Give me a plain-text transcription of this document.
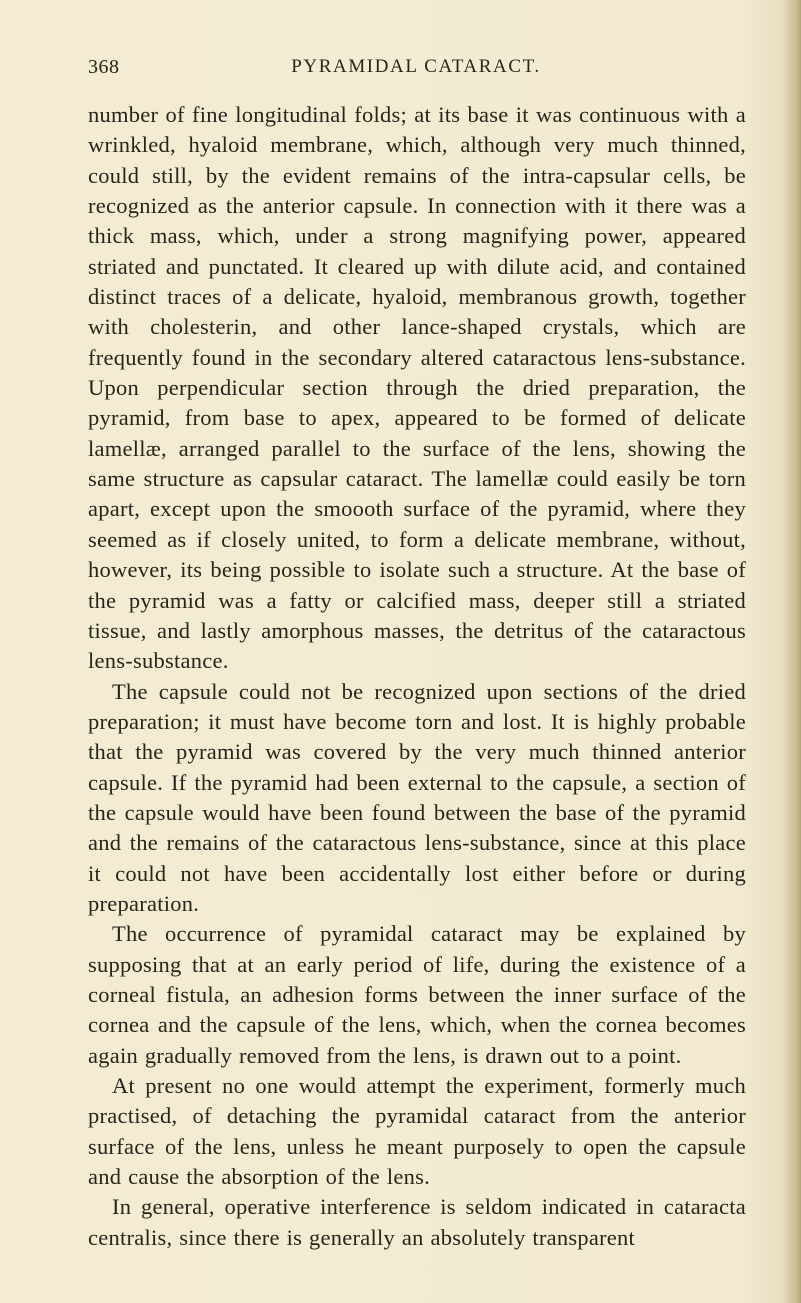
368	PYRAMIDAL CATARACT.

number of fine longitudinal folds; at its base it was continuous with a wrinkled, hyaloid membrane, which, although very much thinned, could still, by the evident remains of the intra-capsular cells, be recognized as the anterior capsule. In connection with it there was a thick mass, which, under a strong magnifying power, appeared striated and punctated. It cleared up with dilute acid, and contained distinct traces of a delicate, hyaloid, membranous growth, together with cholesterin, and other lance-shaped crystals, which are frequently found in the secondary altered cataractous lens-substance. Upon perpendicular section through the dried preparation, the pyramid, from base to apex, appeared to be formed of delicate lamellæ, arranged parallel to the surface of the lens, showing the same structure as capsular cataract. The lamellæ could easily be torn apart, except upon the smoooth surface of the pyramid, where they seemed as if closely united, to form a delicate membrane, without, however, its being possible to isolate such a structure. At the base of the pyramid was a fatty or calcified mass, deeper still a striated tissue, and lastly amorphous masses, the detritus of the cataractous lens-substance.

The capsule could not be recognized upon sections of the dried preparation; it must have become torn and lost. It is highly probable that the pyramid was covered by the very much thinned anterior capsule. If the pyramid had been external to the capsule, a section of the capsule would have been found between the base of the pyramid and the remains of the cataractous lens-substance, since at this place it could not have been accidentally lost either before or during preparation.

The occurrence of pyramidal cataract may be explained by supposing that at an early period of life, during the existence of a corneal fistula, an adhesion forms between the inner surface of the cornea and the capsule of the lens, which, when the cornea becomes again gradually removed from the lens, is drawn out to a point.

At present no one would attempt the experiment, formerly much practised, of detaching the pyramidal cataract from the anterior surface of the lens, unless he meant purposely to open the capsule and cause the absorption of the lens.

In general, operative interference is seldom indicated in cataracta centralis, since there is generally an absolutely transparent
